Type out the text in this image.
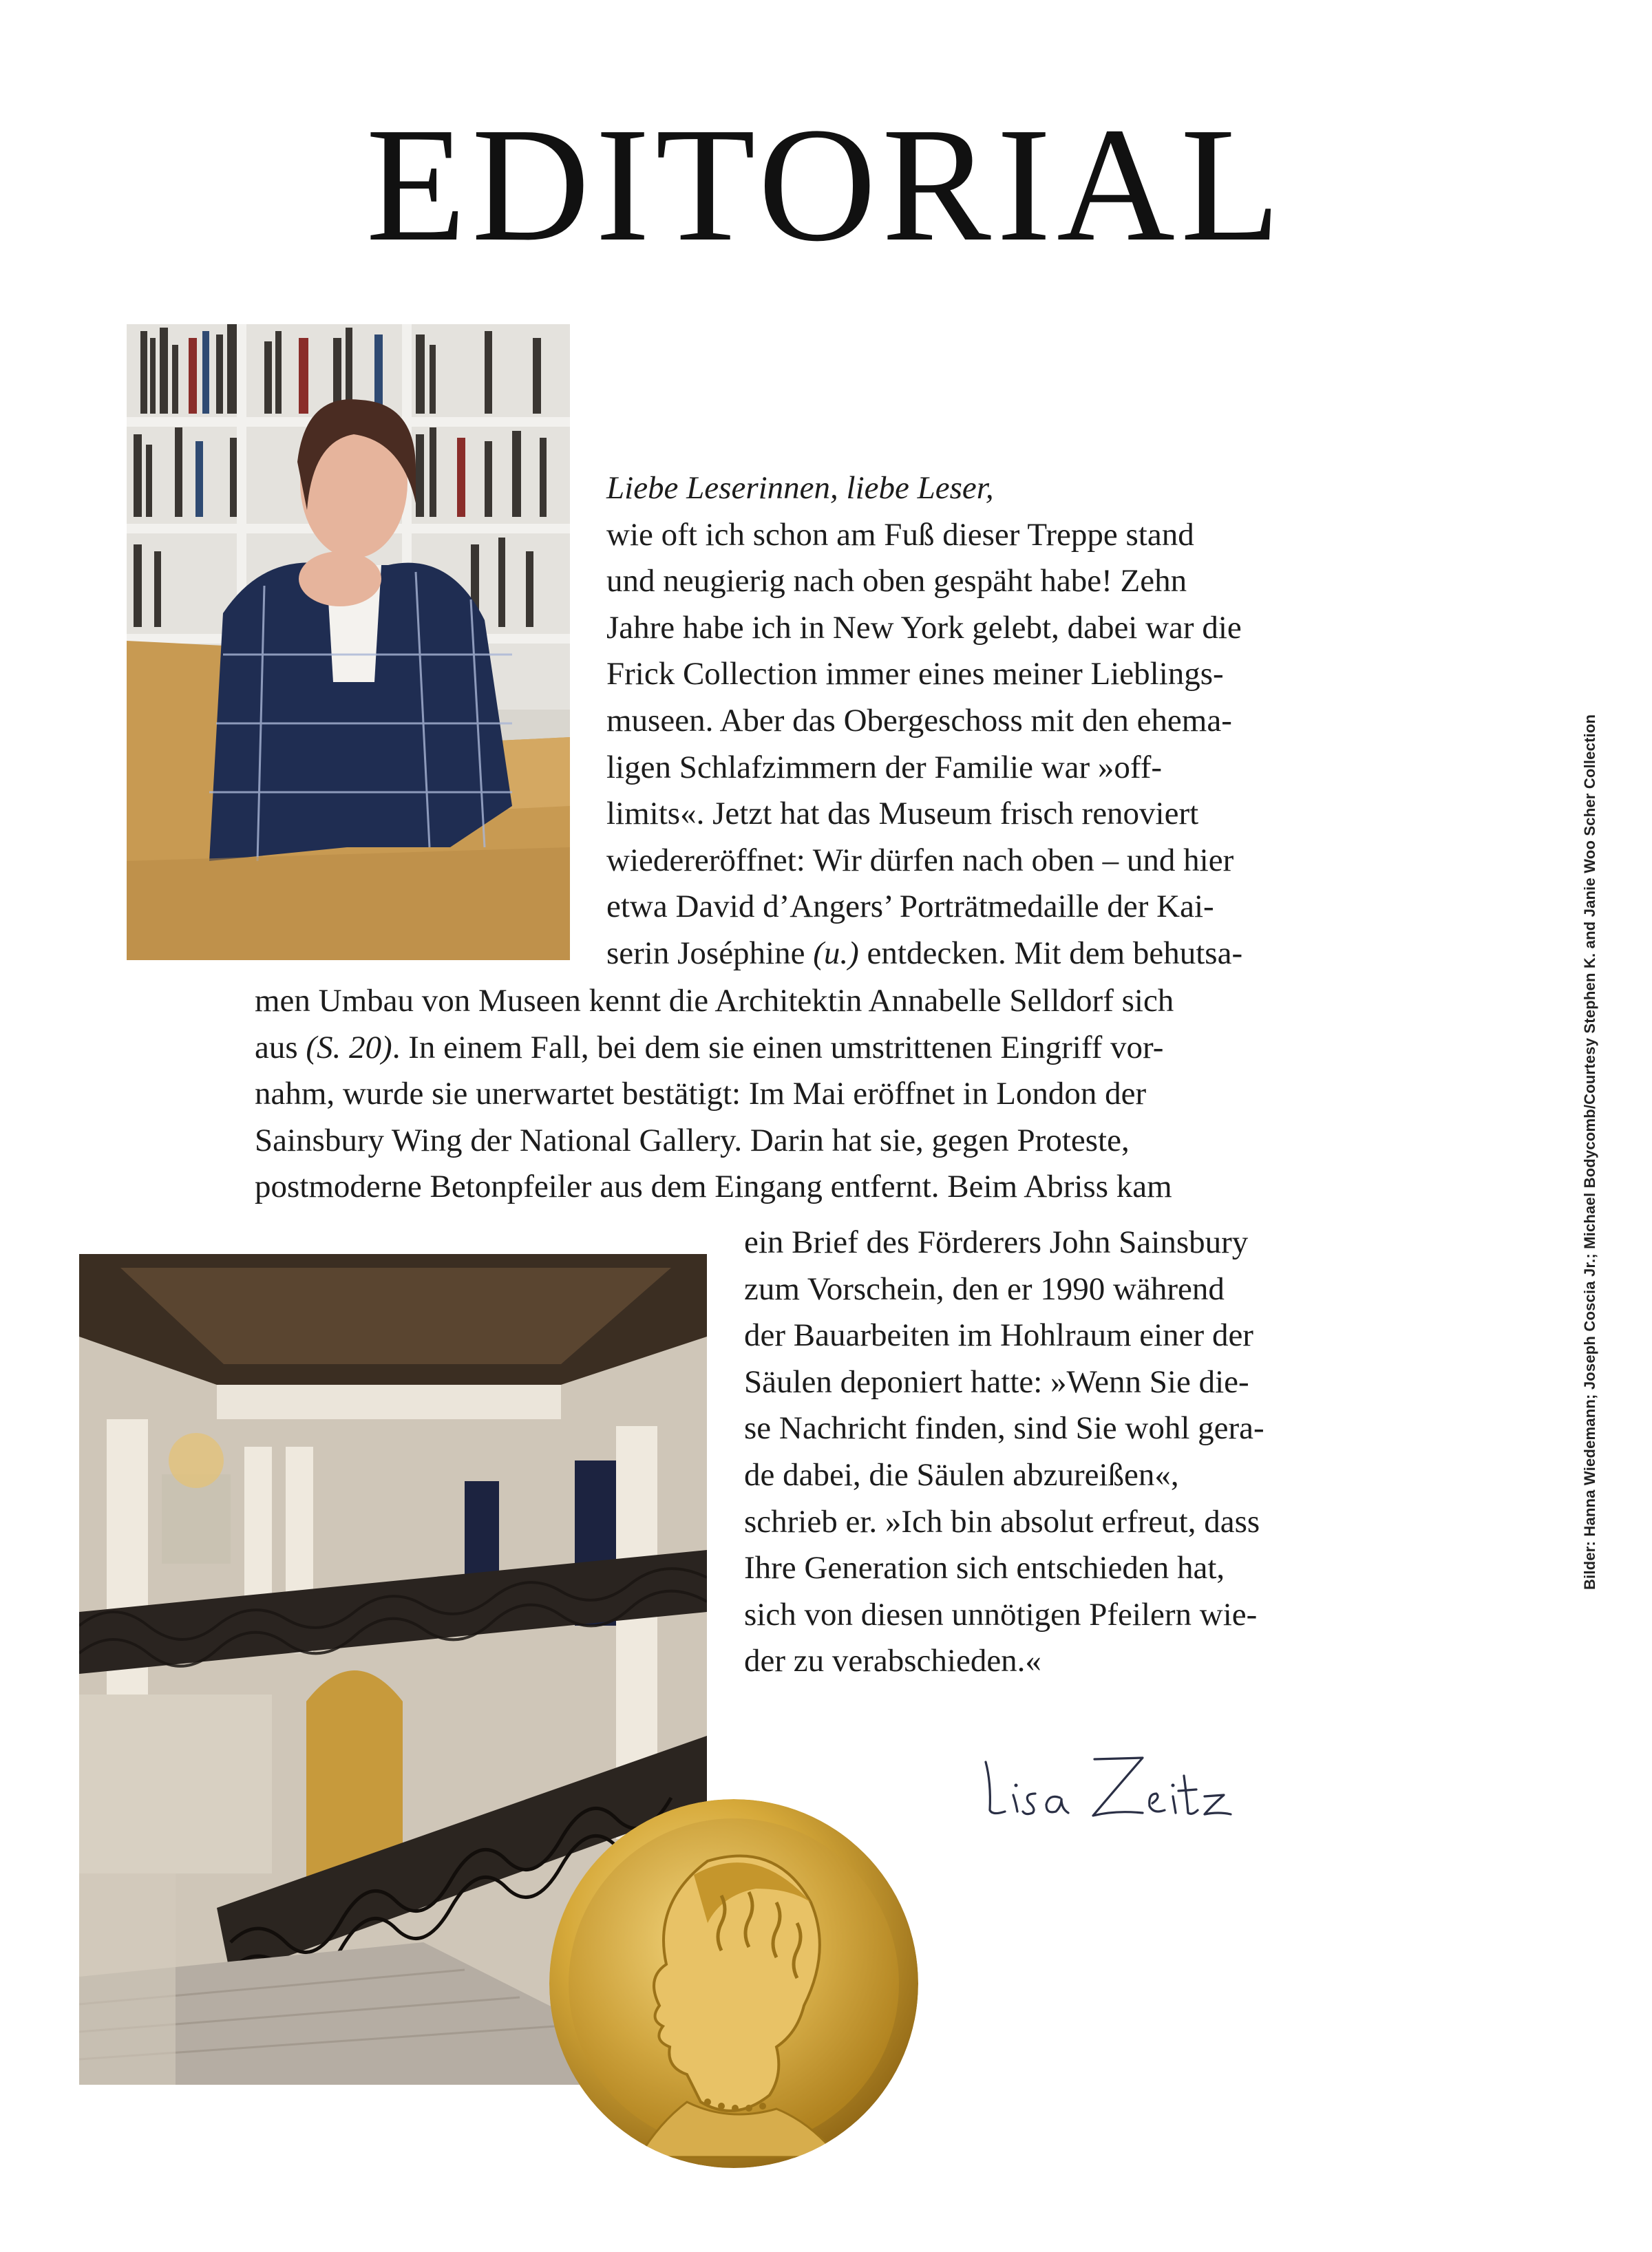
EDITORIAL
Liebe Leserinnen, liebe Leser,
wie oft ich schon am Fuß dieser Treppe stand
und neugierig nach oben gespäht habe! Zehn
Jahre habe ich in New York gelebt, dabei war die
Frick Collection immer eines meiner Lieblings-
museen. Aber das Obergeschoss mit den ehema-
ligen Schlafzimmern der Familie war »off-
limits«. Jetzt hat das Museum frisch renoviert
wiedereröffnet: Wir dürfen nach oben – und hier
etwa David d’Angers’ Porträtmedaille der Kai-
serin Joséphine (u.) entdecken. Mit dem behutsa-
men Umbau von Museen kennt die Architektin Annabelle Selldorf sich
aus (S. 20). In einem Fall, bei dem sie einen umstrittenen Eingriff vor-
nahm, wurde sie unerwartet bestätigt: Im Mai eröffnet in London der
Sainsbury Wing der National Gallery. Darin hat sie, gegen Proteste,
postmoderne Betonpfeiler aus dem Eingang entfernt. Beim Abriss kam
ein Brief des Förderers John Sainsbury
zum Vorschein, den er 1990 während
der Bauarbeiten im Hohlraum einer der
Säulen deponiert hatte: »Wenn Sie die-
se Nachricht finden, sind Sie wohl gera-
de dabei, die Säulen abzureißen«,
schrieb er. »Ich bin absolut erfreut, dass
Ihre Generation sich entschieden hat,
sich von diesen unnötigen Pfeilern wie-
der zu verabschieden.«
Bilder: Hanna Wiedemann; Joseph Coscia Jr.; Michael Bodycomb/Courtesy Stephen K. and Janie Woo Scher Collection
